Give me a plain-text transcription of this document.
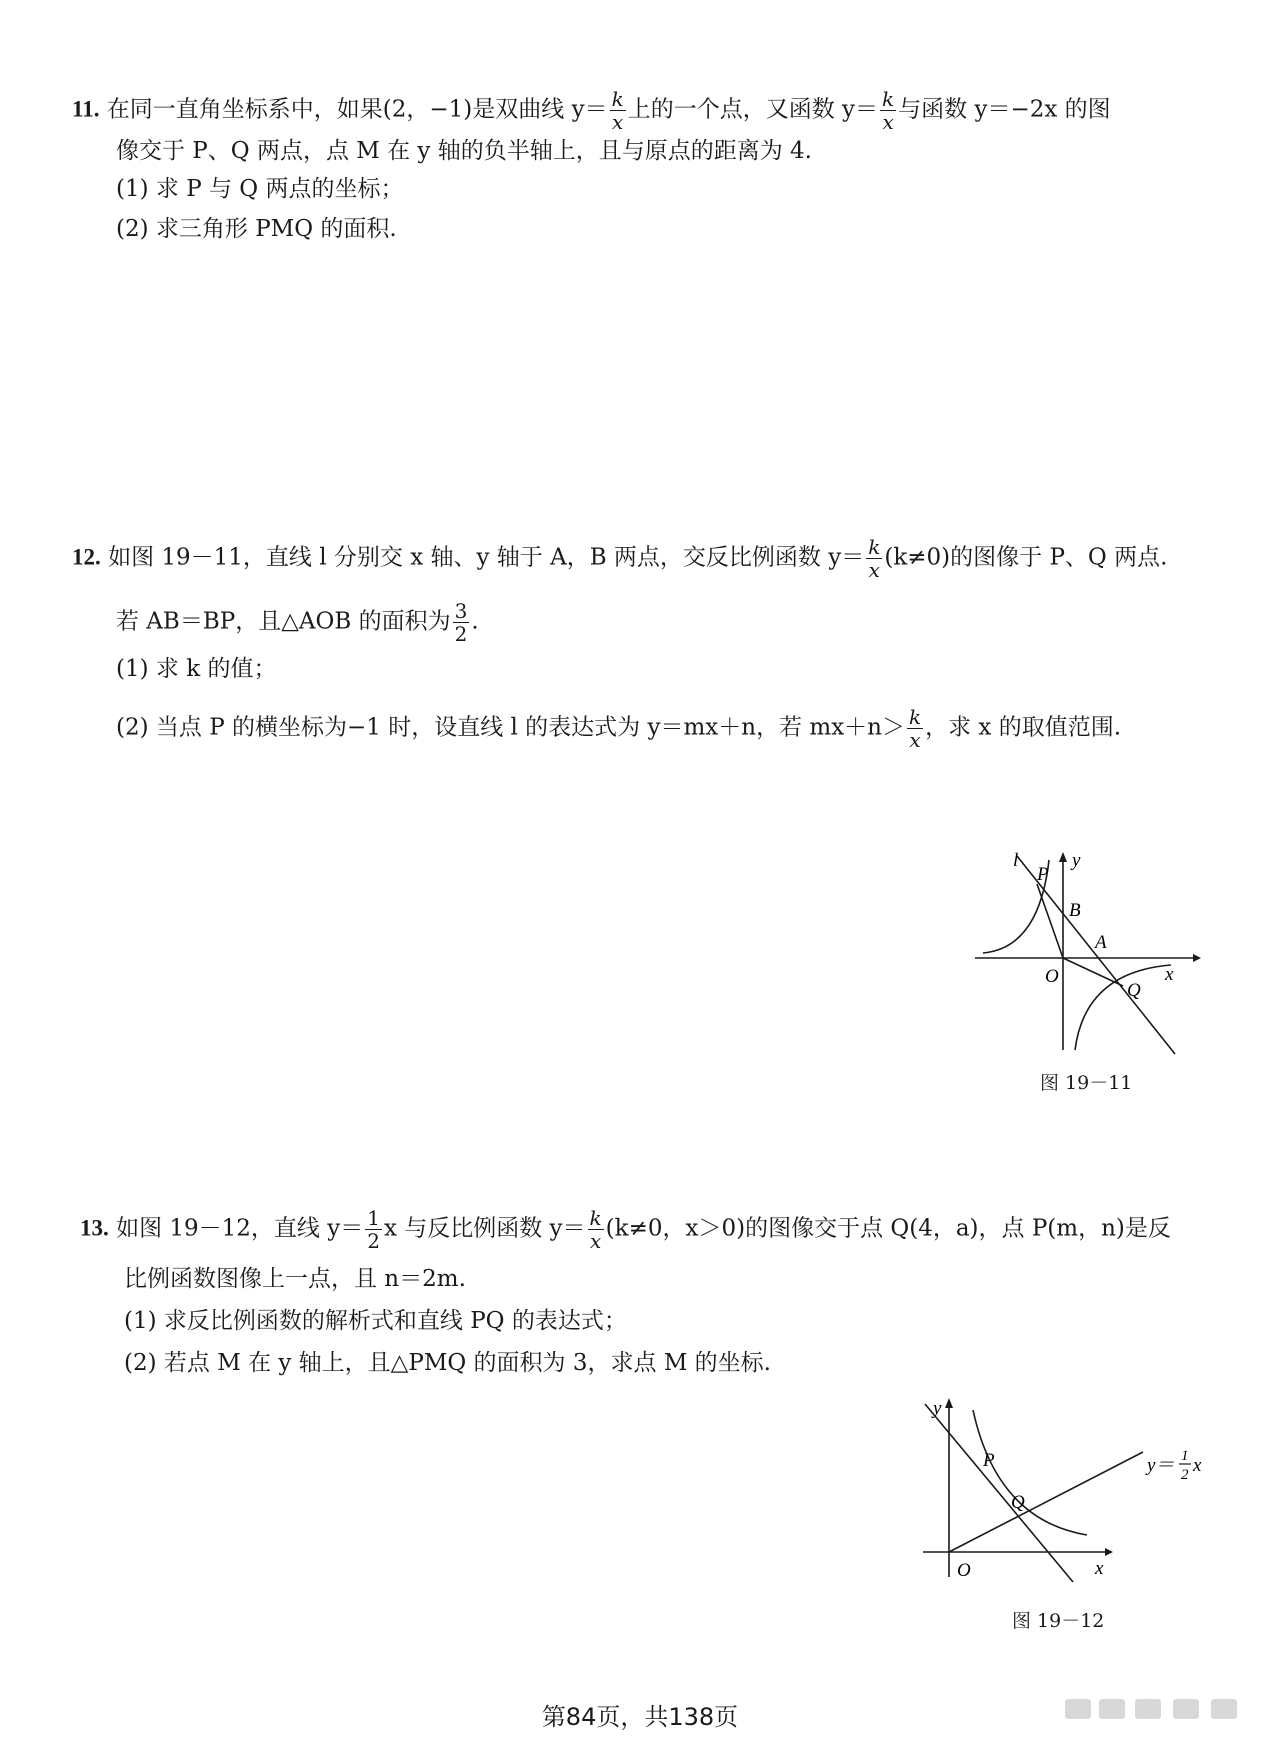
11. 在同一直角坐标系中，如果(2，−1)是双曲线 $y= \frac{k}{x}$ 上的一个点，又函数 $y= \frac{k}{x}$ 与函数 y＝−2x 的图
像交于 P、Q 两点，点 M 在 y 轴的负半轴上，且与原点的距离为 4.
(1) 求 P 与 Q 两点的坐标；
(2) 求三角形 PMQ 的面积.
12. 如图 19－11，直线 l 分别交 x 轴、y 轴于 A，B 两点，交反比例函数 $y= \frac{k}{x} (k\ne 0)$的图像于 P、Q 两点.
若 AB＝BP，且△AOB 的面积为 $\frac{3}{2}$ .
(1) 求 k 的值；
(2) 当点 P 的横坐标为−1 时，设直线 l 的表达式为 y＝mx＋n，若 $mx+n> \frac{k}{x}$ ，求 x 的取值范围.
l
P
y
B
A
O	x
Q
图 19－11
13. 如图 19－12，直线 $y= \frac{1}{2}$ x 与反比例函数 $y= \frac{k}{x} (k\ne 0$，x＞0)的图像交于点 Q(4，a)，点 P(m，n)是反
比例函数图像上一点，且 n＝2m.
(1) 求反比例函数的解析式和直线 PQ 的表达式；
(2) 若点 M 在 y 轴上，且△PMQ 的面积为 3，求点 M 的坐标.
y
P
Q
O	x
y＝ 1
2 x
图 19－12
第84页，共138页
